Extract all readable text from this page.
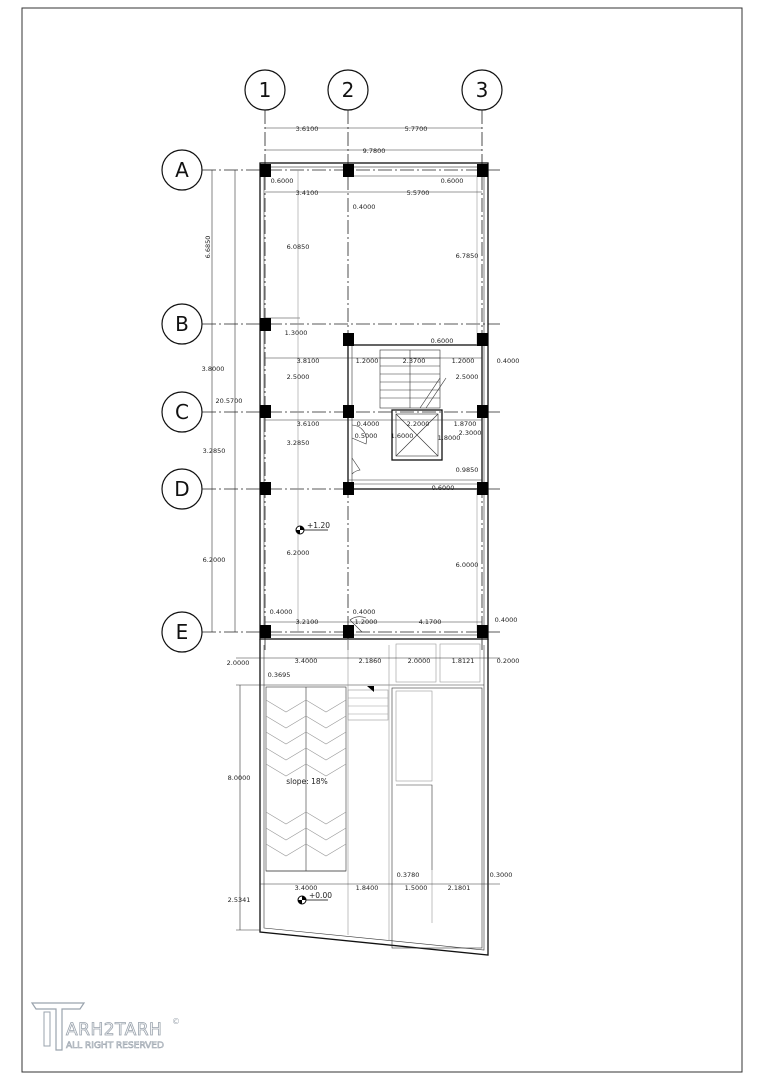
1	2	3
A
B
C
D
E
3.6100	5.7700
9.7800
0.6000	0.6000
3.4100	5.5700
0.4000
6.6850
3.8000
20.5700
3.2850
6.2000
6.0850
6.7850
1.3000
0.6000
3.8100	1.2000	2.3700	1.2000	0.4000
2.5000	2.5000
3.6100	0.4000	2.2000	1.8700
2.3000
0.5000 1.6000	1.8000
3.2850
0.9850
0.6000
6.2000
6.0000
0.4000	0.4000
3.2100	1.2000	4.1700	0.4000
2.0000	3.4000	2.1860	2.0000	1.8121	0.2000
0.3695
8.0000
2.5341
3.4000	1.8400
0.3780
1.5000	2.1801
0.3000
+1.20
+0.00
slope: 18%
ARH2TARH
ALL RIGHT RESERVED
©
